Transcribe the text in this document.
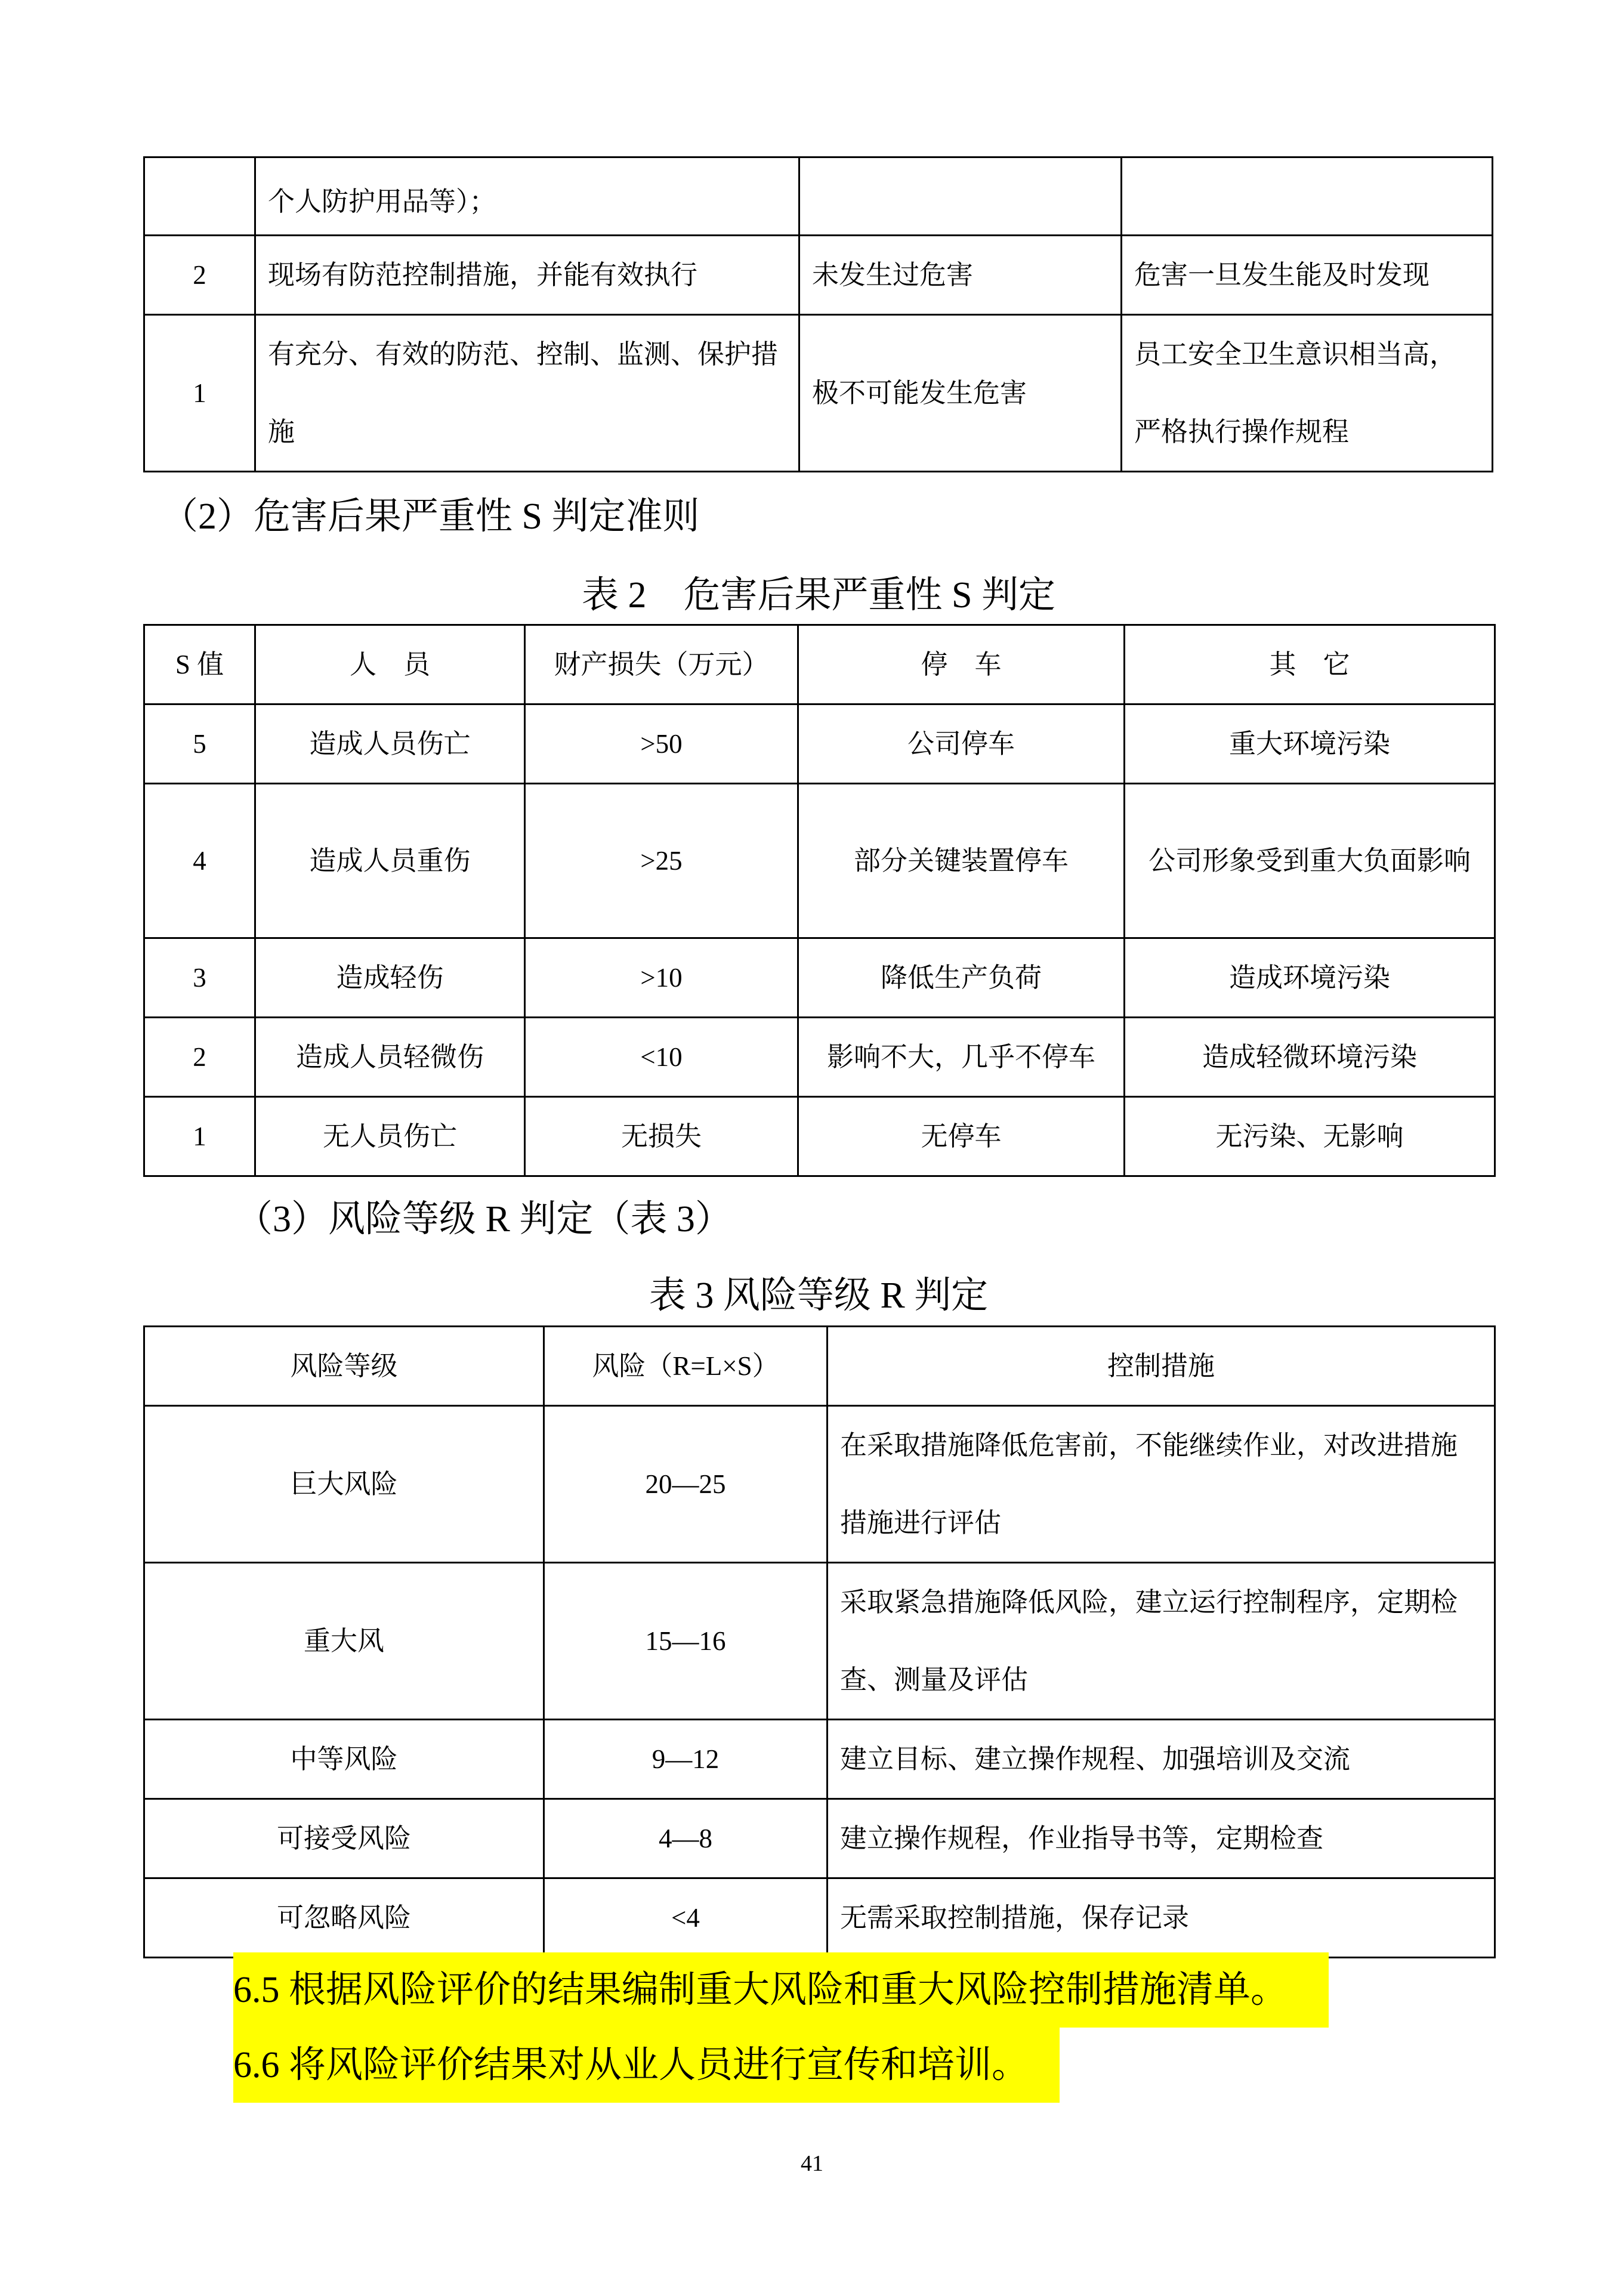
	个人防护用品等）；		
2	现场有防范控制措施，并能有效执行	未发生过危害	危害一旦发生能及时发现
1	有充分、有效的防范、控制、监测、保护措施	极不可能发生危害	员工安全卫生意识相当高，严格执行操作规程
（2）危害后果严重性 S 判定准则
表 2　危害后果严重性 S 判定
S 值	人　员	财产损失（万元）	停　车	其　它
5	造成人员伤亡	>50	公司停车	重大环境污染
4	造成人员重伤	>25	部分关键装置停车	公司形象受到重大负面影响
3	造成轻伤	>10	降低生产负荷	造成环境污染
2	造成人员轻微伤	<10	影响不大，几乎不停车	造成轻微环境污染
1	无人员伤亡	无损失	无停车	无污染、无影响
（3）风险等级 R 判定（表 3）
表 3 风险等级 R 判定
风险等级	风险（R=L×S）	控制措施
巨大风险	20—25	在采取措施降低危害前，不能继续作业，对改进措施措施进行评估
重大风	15—16	采取紧急措施降低风险，建立运行控制程序，定期检查、测量及评估
中等风险	9—12	建立目标、建立操作规程、加强培训及交流
可接受风险	4—8	建立操作规程，作业指导书等，定期检查
可忽略风险	<4	无需采取控制措施，保存记录
6.5 根据风险评价的结果编制重大风险和重大风险控制措施清单。
6.6 将风险评价结果对从业人员进行宣传和培训。
41
